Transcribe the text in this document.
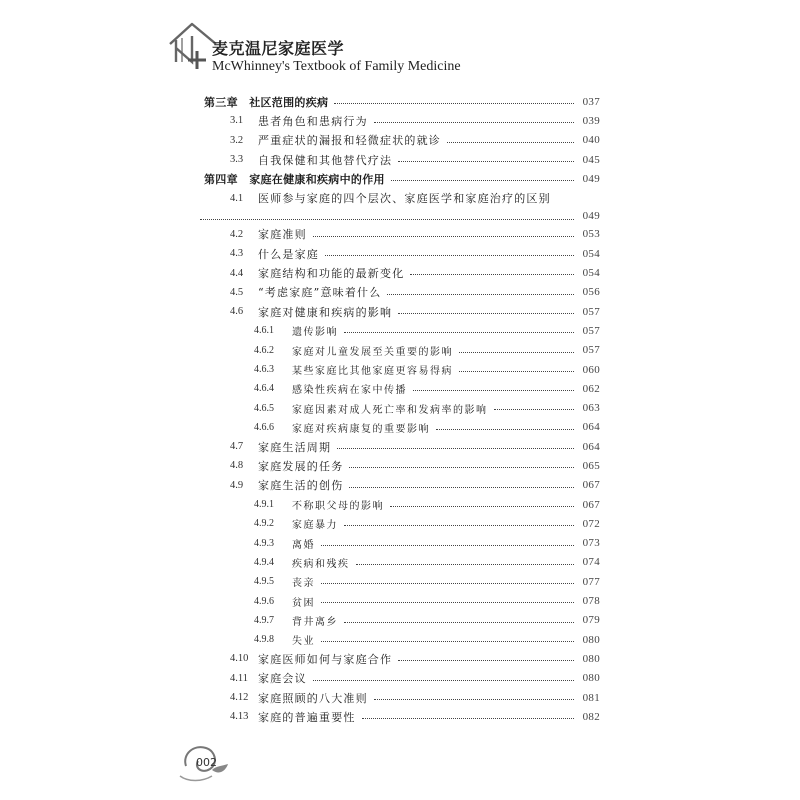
麦克温尼家庭医学
McWhinney's Textbook of Family Medicine
第三章　社区范围的疾病	037
3.1 患者角色和患病行为	039
3.2 严重症状的漏报和轻微症状的就诊	040
3.3 自我保健和其他替代疗法	045
第四章　家庭在健康和疾病中的作用	049
4.1 医师参与家庭的四个层次、家庭医学和家庭治疗的区别
049
4.2 家庭准则	053
4.3 什么是家庭	054
4.4 家庭结构和功能的最新变化	054
4.5 “考虑家庭”意味着什么	056
4.6 家庭对健康和疾病的影响	057
4.6.1 遗传影响	057
4.6.2 家庭对儿童发展至关重要的影响	057
4.6.3 某些家庭比其他家庭更容易得病	060
4.6.4 感染性疾病在家中传播	062
4.6.5 家庭因素对成人死亡率和发病率的影响	063
4.6.6 家庭对疾病康复的重要影响	064
4.7 家庭生活周期	064
4.8 家庭发展的任务	065
4.9 家庭生活的创伤	067
4.9.1 不称职父母的影响	067
4.9.2 家庭暴力	072
4.9.3 离婚	073
4.9.4 疾病和残疾	074
4.9.5 丧亲	077
4.9.6 贫困	078
4.9.7 背井离乡	079
4.9.8 失业	080
4.10 家庭医师如何与家庭合作	080
4.11 家庭会议	080
4.12 家庭照顾的八大准则	081
4.13 家庭的普遍重要性	082
002
